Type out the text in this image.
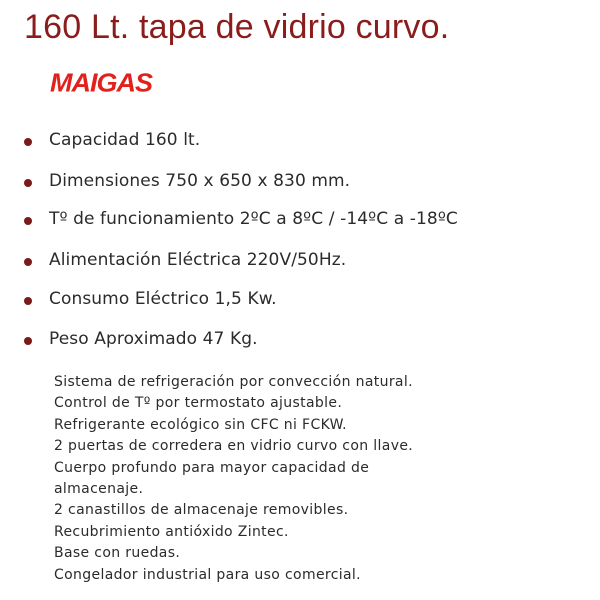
160 Lt. tapa de vidrio curvo.
MAIGAS
Capacidad 160 lt.
Dimensiones 750 x 650 x 830 mm.
Tº de funcionamiento 2ºC a 8ºC / -14ºC a -18ºC
Alimentación Eléctrica 220V/50Hz.
Consumo Eléctrico 1,5 Kw.
Peso Aproximado 47 Kg.
Sistema de refrigeración por convección natural.
Control de Tº por termostato ajustable.
Refrigerante ecológico sin CFC ni FCKW.
2 puertas de corredera en vidrio curvo con llave.
Cuerpo profundo para mayor capacidad de
almacenaje.
2 canastillos de almacenaje removibles.
Recubrimiento antióxido Zintec.
Base con ruedas.
Congelador industrial para uso comercial.
